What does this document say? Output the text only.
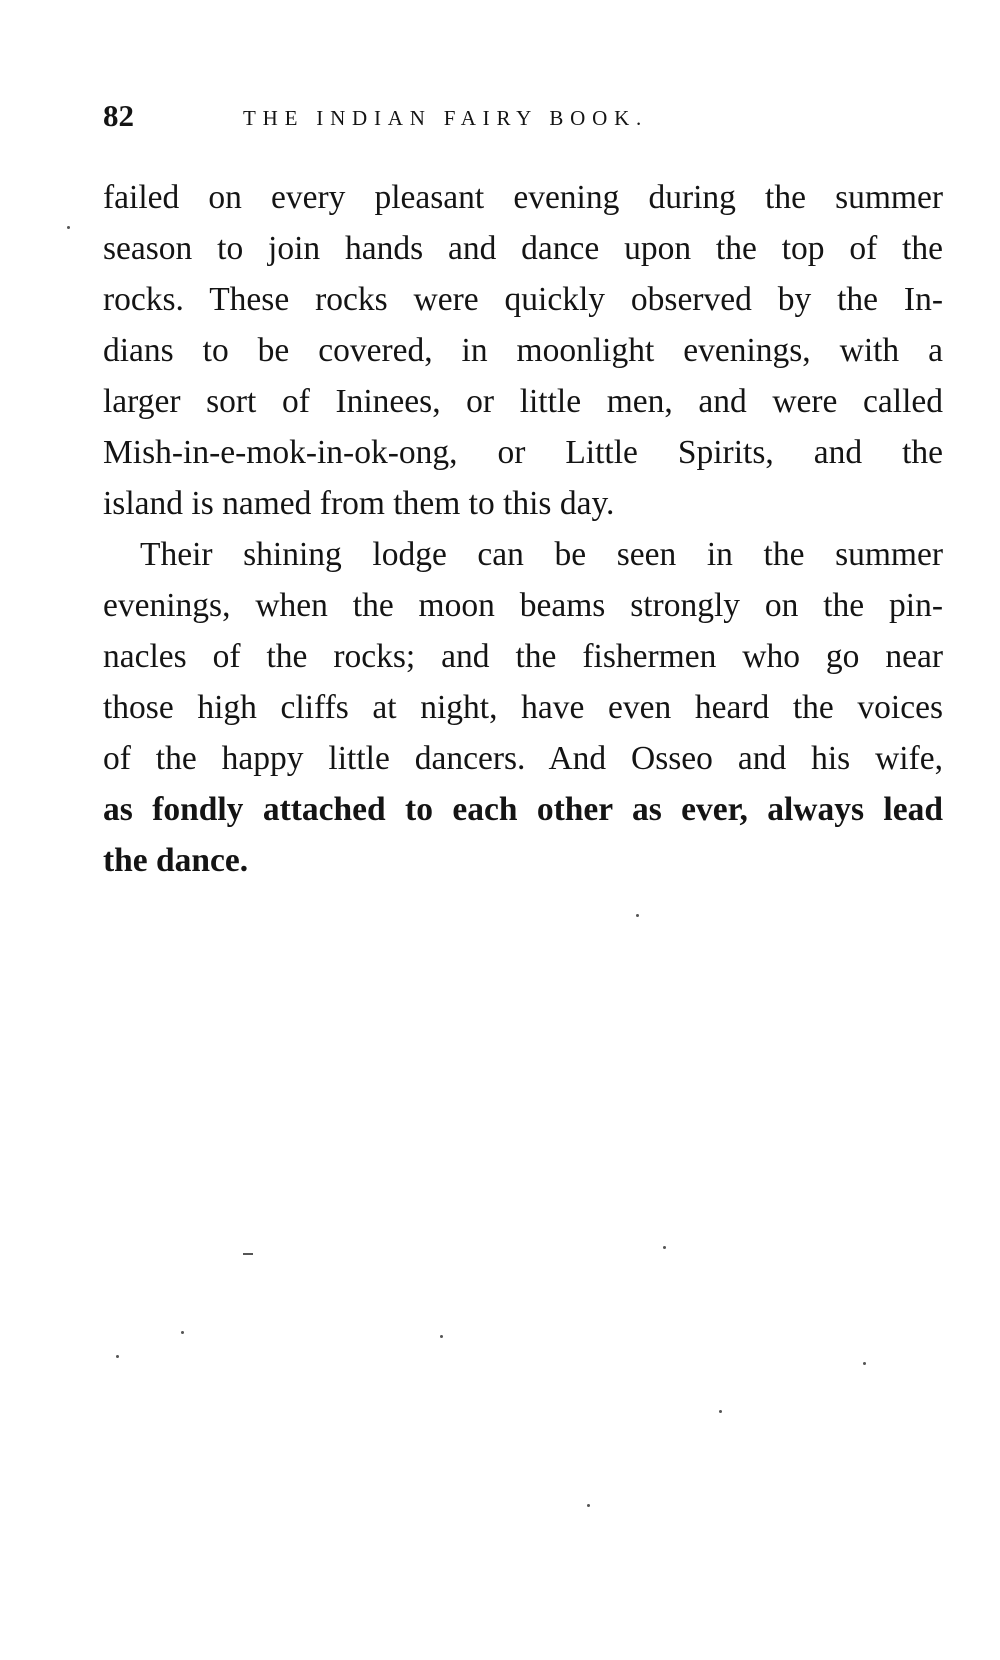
82	THE INDIAN FAIRY BOOK.
failed on every pleasant evening during the summer
season to join hands and dance upon the top of the
rocks. These rocks were quickly observed by the In-
dians to be covered, in moonlight evenings, with a
larger sort of Ininees, or little men, and were called
Mish-in-e-mok-in-ok-ong, or Little Spirits, and the
island is named from them to this day.
Their shining lodge can be seen in the summer
evenings, when the moon beams strongly on the pin-
nacles of the rocks; and the fishermen who go near
those high cliffs at night, have even heard the voices
of the happy little dancers. And Osseo and his wife,
as fondly attached to each other as ever, always lead
the dance.
